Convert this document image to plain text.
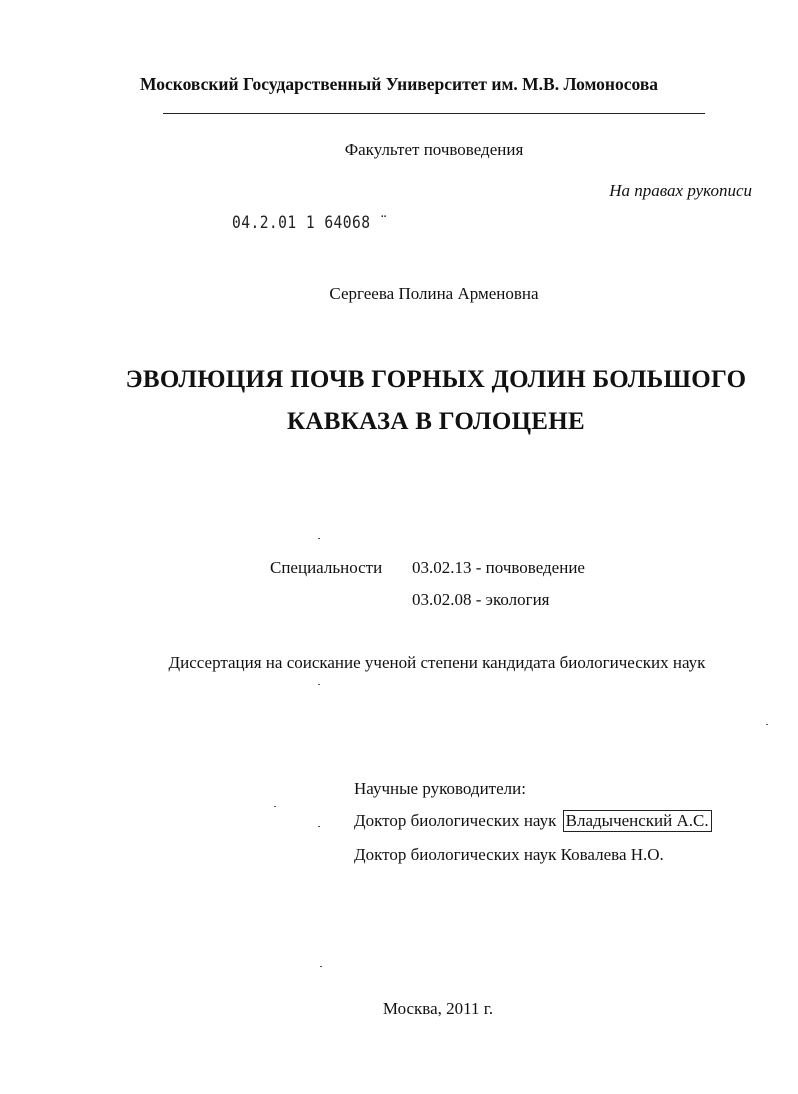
Московский Государственный Университет им. М.В. Ломоносова
Факультет почвоведения
На правах рукописи
04.2.01 1 64068 ̈
Сергеева Полина Арменовна
ЭВОЛЮЦИЯ ПОЧВ ГОРНЫХ ДОЛИН БОЛЬШОГО
КАВКАЗА В ГОЛОЦЕНЕ
Специальности 03.02.13 - почвоведение
03.02.08 - экология
Диссертация на соискание ученой степени кандидата биологических наук
Научные руководители:
Доктор биологических наук Владыченский А.С.
Доктор биологических наук Ковалева Н.О.
Москва, 2011 г.
